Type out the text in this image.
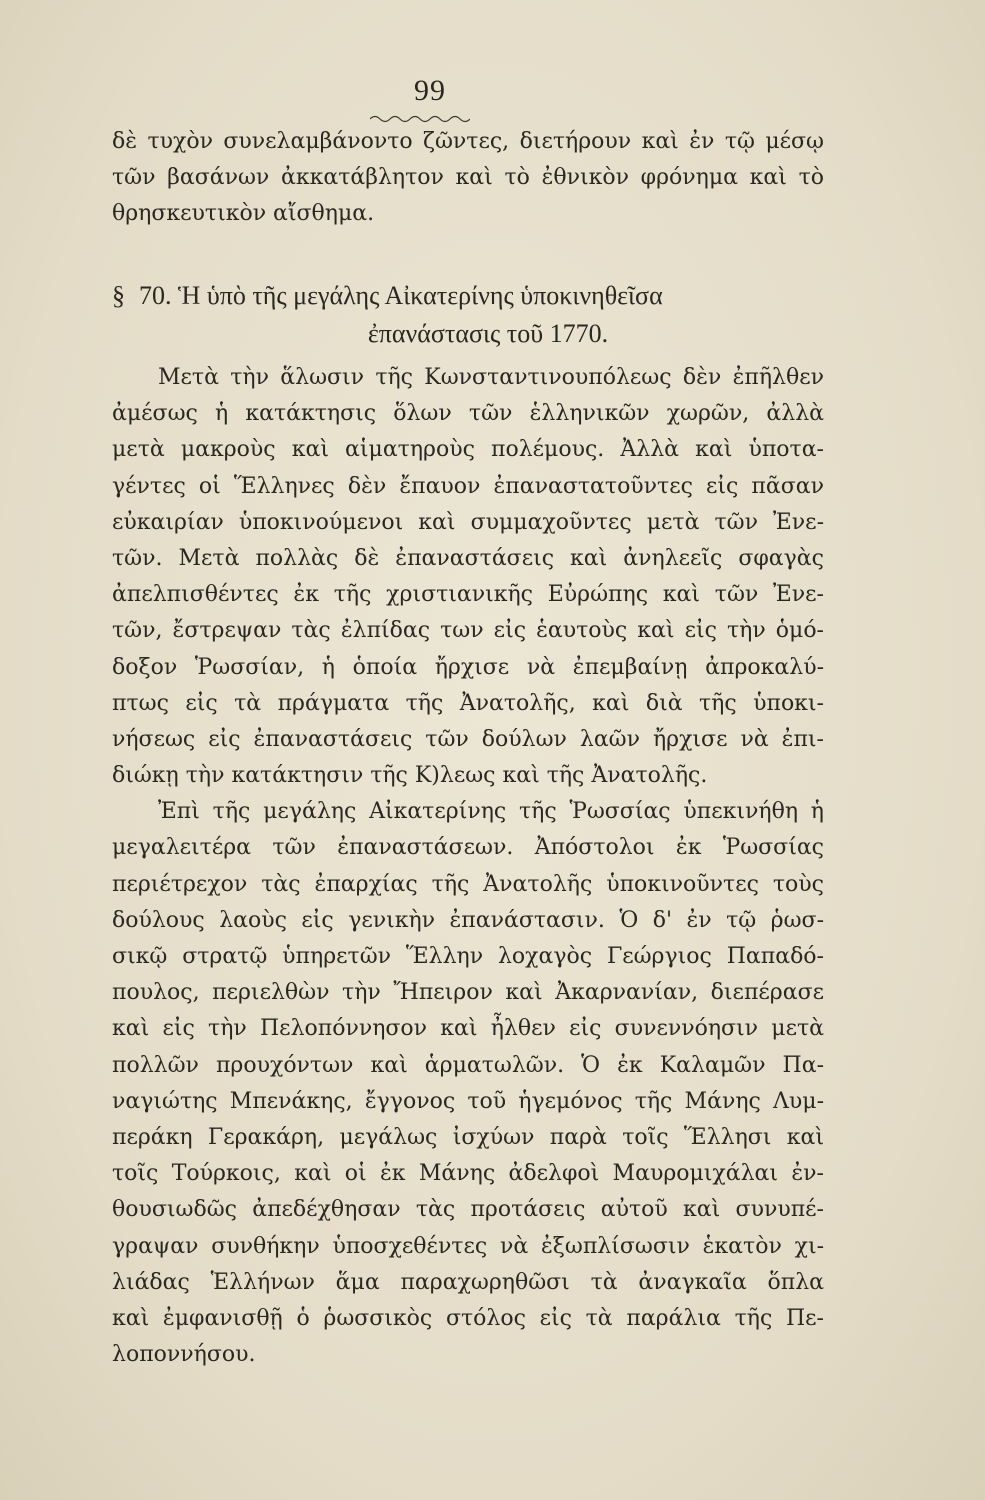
99
δὲ τυχὸν συνελαμβάνοντο ζῶντες, διετήρουν καὶ ἐν τῷ μέσῳ
τῶν βασάνων ἀκκατάβλητον καὶ τὸ ἐθνικὸν φρόνημα καὶ τὸ
θρησκευτικὸν αἴσθημα.
§ 70. Ἡ ὑπὸ τῆς μεγάλης Αἰκατερίνης ὑποκινηθεῖσα
ἐπανάστασις τοῦ 1770.
Μετὰ τὴν ἅλωσιν τῆς Κωνσταντινουπόλεως δὲν ἐπῆλθεν
ἀμέσως ἡ κατάκτησις ὅλων τῶν ἑλληνικῶν χωρῶν, ἀλλὰ
μετὰ μακροὺς καὶ αἱματηροὺς πολέμους. Ἀλλὰ καὶ ὑποτα-
γέντες οἱ Ἕλληνες δὲν ἔπαυον ἐπαναστατοῦντες εἰς πᾶσαν
εὐκαιρίαν ὑποκινούμενοι καὶ συμμαχοῦντες μετὰ τῶν Ἐνε-
τῶν. Μετὰ πολλὰς δὲ ἐπαναστάσεις καὶ ἀνηλεεῖς σφαγὰς
ἀπελπισθέντες ἐκ τῆς χριστιανικῆς Εὐρώπης καὶ τῶν Ἐνε-
τῶν, ἔστρεψαν τὰς ἐλπίδας των εἰς ἑαυτοὺς καὶ εἰς τὴν ὁμό-
δοξον Ῥωσσίαν, ἡ ὁποία ἤρχισε νὰ ἐπεμβαίνῃ ἀπροκαλύ-
πτως εἰς τὰ πράγματα τῆς Ἀνατολῆς, καὶ διὰ τῆς ὑποκι-
νήσεως εἰς ἐπαναστάσεις τῶν δούλων λαῶν ἤρχισε νὰ ἐπι-
διώκῃ τὴν κατάκτησιν τῆς Κ)λεως καὶ τῆς Ἀνατολῆς.
Ἐπὶ τῆς μεγάλης Αἰκατερίνης τῆς Ῥωσσίας ὑπεκινήθη ἡ
μεγαλειτέρα τῶν ἐπαναστάσεων. Ἀπόστολοι ἐκ Ῥωσσίας
περιέτρεχον τὰς ἐπαρχίας τῆς Ἀνατολῆς ὑποκινοῦντες τοὺς
δούλους λαοὺς εἰς γενικὴν ἐπανάστασιν. Ὁ δ' ἐν τῷ ῥωσ-
σικῷ στρατῷ ὑπηρετῶν Ἕλλην λοχαγὸς Γεώργιος Παπαδό-
πουλος, περιελθὼν τὴν Ἤπειρον καὶ Ἀκαρνανίαν, διεπέρασε
καὶ εἰς τὴν Πελοπόννησον καὶ ἦλθεν εἰς συνεννόησιν μετὰ
πολλῶν προυχόντων καὶ ἁρματωλῶν. Ὁ ἐκ Καλαμῶν Πα-
ναγιώτης Μπενάκης, ἔγγονος τοῦ ἡγεμόνος τῆς Μάνης Λυμ-
περάκη Γερακάρη, μεγάλως ἰσχύων παρὰ τοῖς Ἕλλησι καὶ
τοῖς Τούρκοις, καὶ οἱ ἐκ Μάνης ἀδελφοὶ Μαυρομιχάλαι ἐν-
θουσιωδῶς ἀπεδέχθησαν τὰς προτάσεις αὐτοῦ καὶ συνυπέ-
γραψαν συνθήκην ὑποσχεθέντες νὰ ἐξωπλίσωσιν ἑκατὸν χι-
λιάδας Ἑλλήνων ἅμα παραχωρηθῶσι τὰ ἀναγκαῖα ὅπλα
καὶ ἐμφανισθῇ ὁ ῥωσσικὸς στόλος εἰς τὰ παράλια τῆς Πε-
λοποννήσου.
